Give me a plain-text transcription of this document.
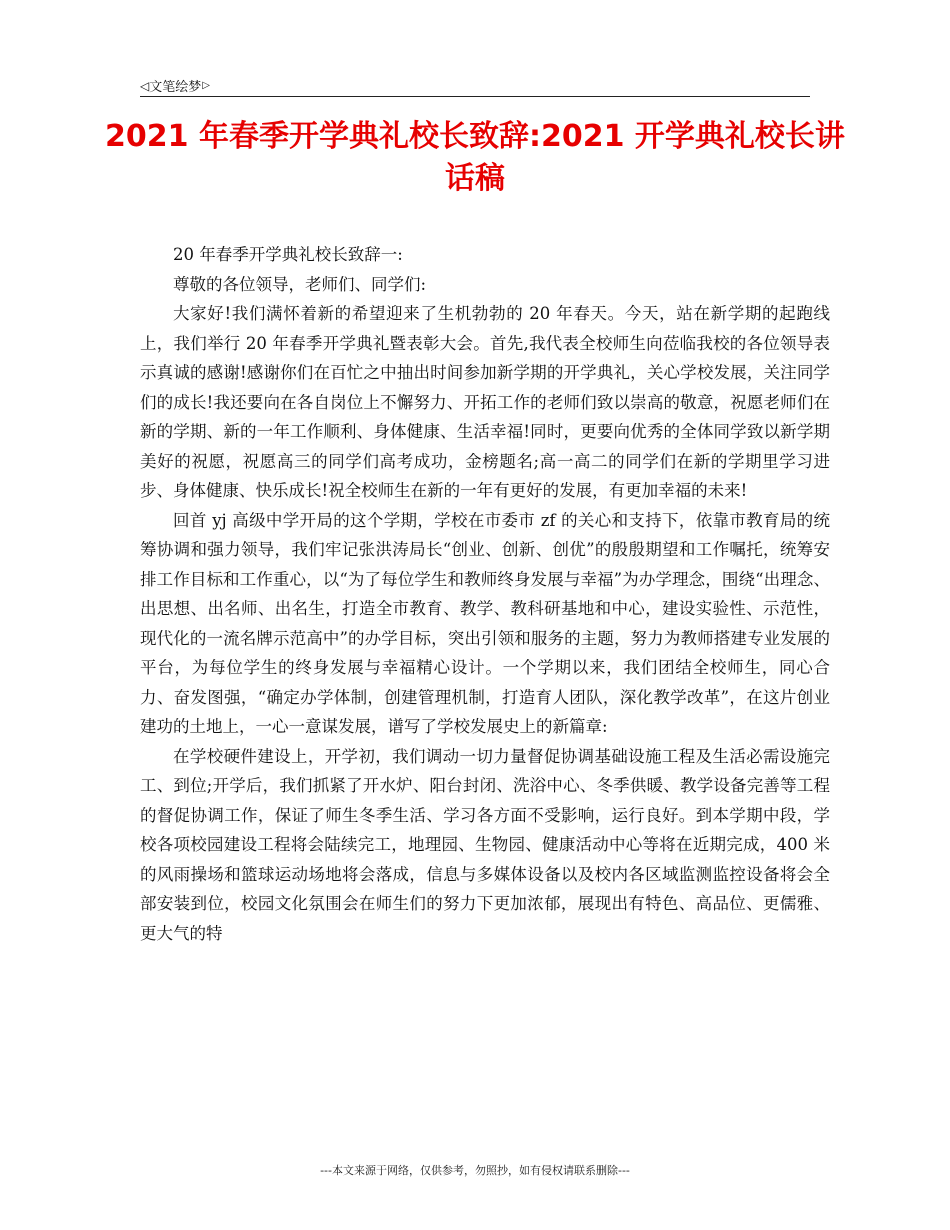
◁ 文笔绘梦 ▷
2021 年春季开学典礼校长致辞:2021 开学典礼校长讲话稿

20 年春季开学典礼校长致辞一:

尊敬的各位领导，老师们、同学们:

大家好!我们满怀着新的希望迎来了生机勃勃的 20 年春天。今天，站在新学期的起跑线上，我们举行 20 年春季开学典礼暨表彰大会。首先,我代表全校师生向莅临我校的各位领导表示真诚的感谢!感谢你们在百忙之中抽出时间参加新学期的开学典礼，关心学校发展，关注同学们的成长!我还要向在各自岗位上不懈努力、开拓工作的老师们致以崇高的敬意，祝愿老师们在新的学期、新的一年工作顺利、身体健康、生活幸福!同时，更要向优秀的全体同学致以新学期美好的祝愿，祝愿高三的同学们高考成功，金榜题名;高一高二的同学们在新的学期里学习进步、身体健康、快乐成长!祝全校师生在新的一年有更好的发展，有更加幸福的未来!

回首 yj 高级中学开局的这个学期，学校在市委市 zf 的关心和支持下，依靠市教育局的统筹协调和强力领导，我们牢记张洪涛局长“创业、创新、创优”的殷殷期望和工作嘱托，统筹安排工作目标和工作重心，以“为了每位学生和教师终身发展与幸福”为办学理念，围绕“出理念、出思想、出名师、出名生，打造全市教育、教学、教科研基地和中心，建设实验性、示范性，现代化的一流名牌示范高中”的办学目标，突出引领和服务的主题，努力为教师搭建专业发展的平台，为每位学生的终身发展与幸福精心设计。一个学期以来，我们团结全校师生，同心合力、奋发图强，“确定办学体制，创建管理机制，打造育人团队，深化教学改革”，在这片创业建功的土地上，一心一意谋发展，谱写了学校发展史上的新篇章:

在学校硬件建设上，开学初，我们调动一切力量督促协调基础设施工程及生活必需设施完工、到位;开学后，我们抓紧了开水炉、阳台封闭、洗浴中心、冬季供暖、教学设备完善等工程的督促协调工作，保证了师生冬季生活、学习各方面不受影响，运行良好。到本学期中段，学校各项校园建设工程将会陆续完工，地理园、生物园、健康活动中心等将在近期完成，400 米的风雨操场和篮球运动场地将会落成，信息与多媒体设备以及校内各区域监测监控设备将会全部安装到位，校园文化氛围会在师生们的努力下更加浓郁，展现出有特色、高品位、更儒雅、更大气的特

---本文来源于网络，仅供参考，勿照抄，如有侵权请联系删除---
